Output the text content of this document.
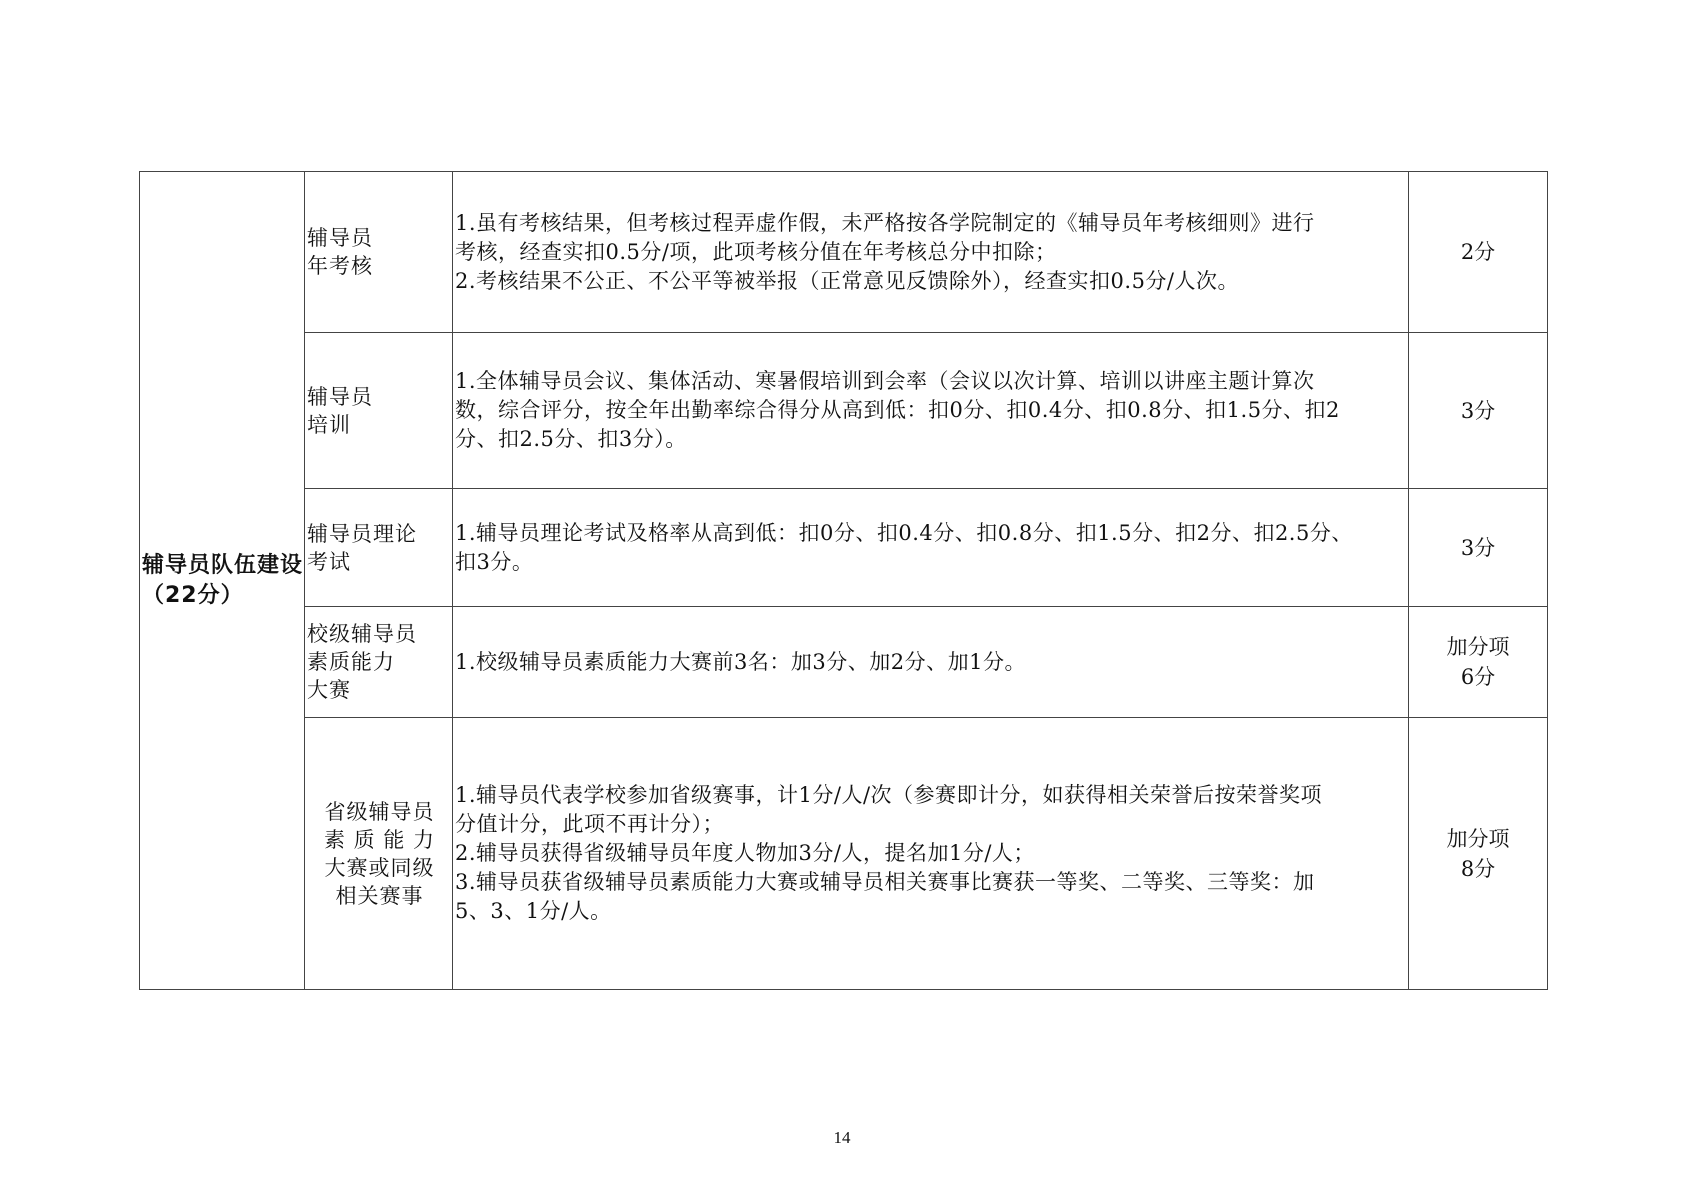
辅导员队伍建设（22分）	辅导员
年考核	1.虽有考核结果，但考核过程弄虚作假，未严格按各学院制定的《辅导员年考核细则》进行
考核，经查实扣0.5分/项，此项考核分值在年考核总分中扣除；
2.考核结果不公正、不公平等被举报（正常意见反馈除外），经查实扣0.5分/人次。	2分

	辅导员
培训	1.全体辅导员会议、集体活动、寒暑假培训到会率（会议以次计算、培训以讲座主题计算次
数，综合评分，按全年出勤率综合得分从高到低：扣0分、扣0.4分、扣0.8分、扣1.5分、扣2
分、扣2.5分、扣3分）。	3分

	辅导员理论
考试	1.辅导员理论考试及格率从高到低：扣0分、扣0.4分、扣0.8分、扣1.5分、扣2分、扣2.5分、
扣3分。	3分

	校级辅导员
素质能力
大赛	1.校级辅导员素质能力大赛前3名：加3分、加2分、加1分。	加分项
6分

	省级辅导员
素 质 能 力
大赛或同级
相关赛事	1.辅导员代表学校参加省级赛事，计1分/人/次（参赛即计分，如获得相关荣誉后按荣誉奖项
分值计分，此项不再计分）；
2.辅导员获得省级辅导员年度人物加3分/人，提名加1分/人；
3.辅导员获省级辅导员素质能力大赛或辅导员相关赛事比赛获一等奖、二等奖、三等奖：加
5、3、1分/人。	加分项
8分
14
